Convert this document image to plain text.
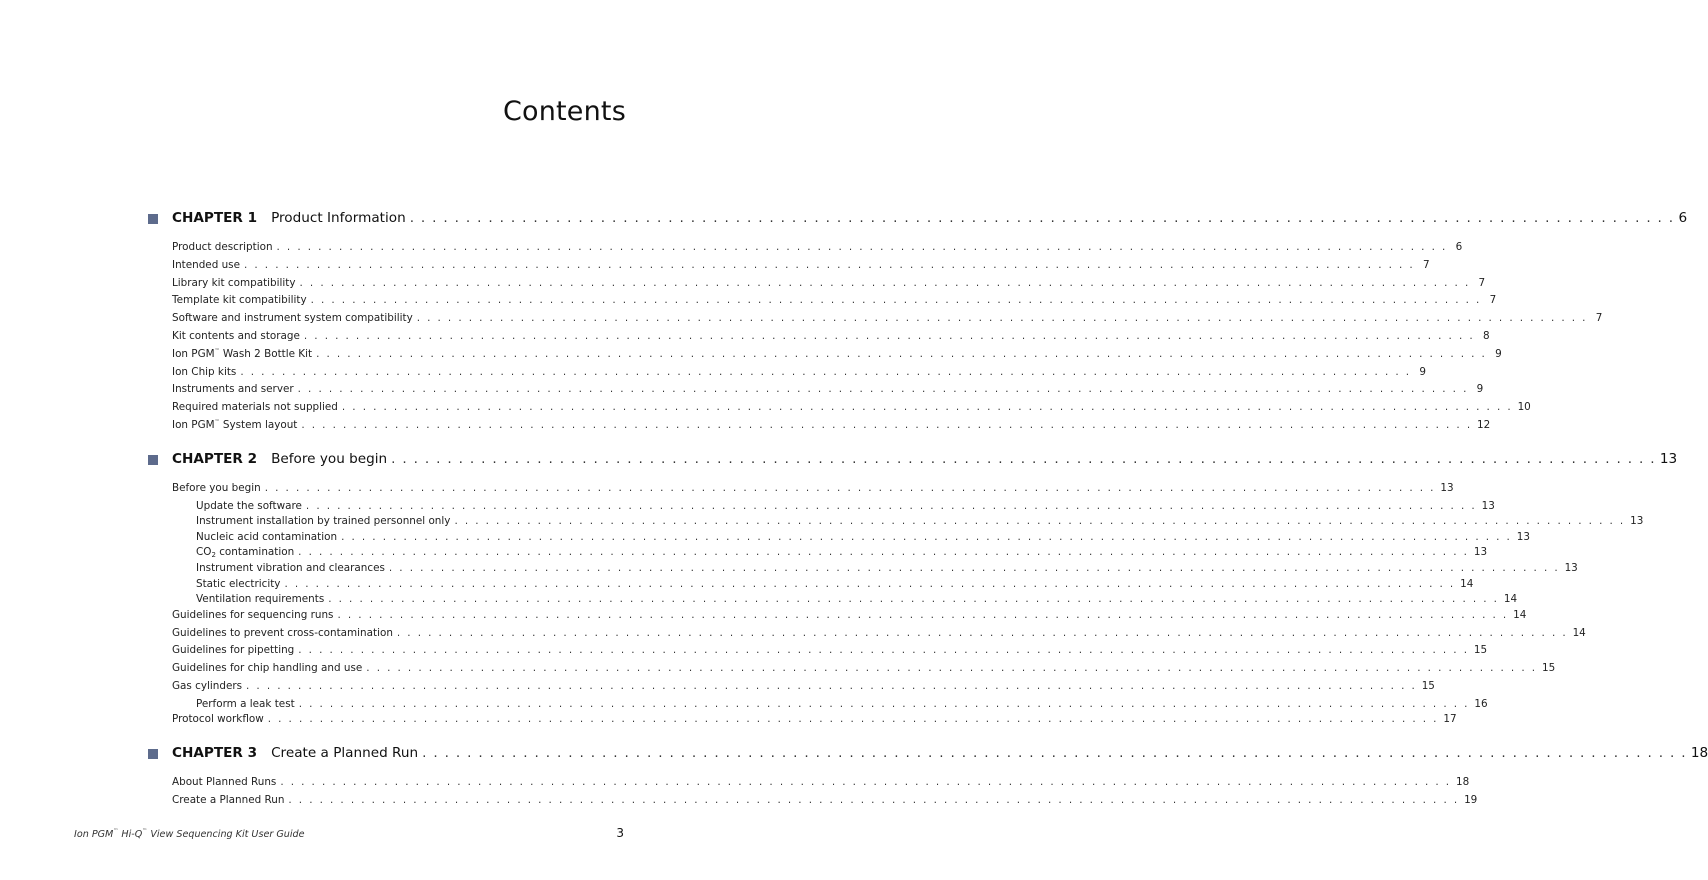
Contents
CHAPTER 1 Product Information . . . . . . . . . . . . . . . . . . . . . . . . . . . . . . . . . . . . . . . . . . . . . . . . . . . . . . . . . . . . . . . . . . . . . . . . . . . . . . . . . . . . . . . . . . . . . . . . . . . . . . . . . . . . . . . . . 6
Product description . . . . . . . . . . . . . . . . . . . . . . . . . . . . . . . . . . . . . . . . . . . . . . . . . . . . . . . . . . . . . . . . . . . . . . . . . . . . . . . . . . . . . . . . . . . . . . . . . . . . . . . . . . . . . . . . . 6
Intended use . . . . . . . . . . . . . . . . . . . . . . . . . . . . . . . . . . . . . . . . . . . . . . . . . . . . . . . . . . . . . . . . . . . . . . . . . . . . . . . . . . . . . . . . . . . . . . . . . . . . . . . . . . . . . . . . . 7
Library kit compatibility . . . . . . . . . . . . . . . . . . . . . . . . . . . . . . . . . . . . . . . . . . . . . . . . . . . . . . . . . . . . . . . . . . . . . . . . . . . . . . . . . . . . . . . . . . . . . . . . . . . . . . . . . . . . . . . . . 7
Template kit compatibility . . . . . . . . . . . . . . . . . . . . . . . . . . . . . . . . . . . . . . . . . . . . . . . . . . . . . . . . . . . . . . . . . . . . . . . . . . . . . . . . . . . . . . . . . . . . . . . . . . . . . . . . . . . . . . . . . 7
Software and instrument system compatibility . . . . . . . . . . . . . . . . . . . . . . . . . . . . . . . . . . . . . . . . . . . . . . . . . . . . . . . . . . . . . . . . . . . . . . . . . . . . . . . . . . . . . . . . . . . . . . . . . . . . . . . . . . . . . . . . . 7
Kit contents and storage . . . . . . . . . . . . . . . . . . . . . . . . . . . . . . . . . . . . . . . . . . . . . . . . . . . . . . . . . . . . . . . . . . . . . . . . . . . . . . . . . . . . . . . . . . . . . . . . . . . . . . . . . . . . . . . . . 8
Ion PGM™ Wash 2 Bottle Kit . . . . . . . . . . . . . . . . . . . . . . . . . . . . . . . . . . . . . . . . . . . . . . . . . . . . . . . . . . . . . . . . . . . . . . . . . . . . . . . . . . . . . . . . . . . . . . . . . . . . . . . . . . . . . . . . . 9
Ion Chip kits . . . . . . . . . . . . . . . . . . . . . . . . . . . . . . . . . . . . . . . . . . . . . . . . . . . . . . . . . . . . . . . . . . . . . . . . . . . . . . . . . . . . . . . . . . . . . . . . . . . . . . . . . . . . . . . . . 9
Instruments and server . . . . . . . . . . . . . . . . . . . . . . . . . . . . . . . . . . . . . . . . . . . . . . . . . . . . . . . . . . . . . . . . . . . . . . . . . . . . . . . . . . . . . . . . . . . . . . . . . . . . . . . . . . . . . . . . . 9
Required materials not supplied . . . . . . . . . . . . . . . . . . . . . . . . . . . . . . . . . . . . . . . . . . . . . . . . . . . . . . . . . . . . . . . . . . . . . . . . . . . . . . . . . . . . . . . . . . . . . . . . . . . . . . . . . . . . . . . . . 10
Ion PGM™ System layout . . . . . . . . . . . . . . . . . . . . . . . . . . . . . . . . . . . . . . . . . . . . . . . . . . . . . . . . . . . . . . . . . . . . . . . . . . . . . . . . . . . . . . . . . . . . . . . . . . . . . . . . . . . . . . . . . 12
CHAPTER 2 Before you begin . . . . . . . . . . . . . . . . . . . . . . . . . . . . . . . . . . . . . . . . . . . . . . . . . . . . . . . . . . . . . . . . . . . . . . . . . . . . . . . . . . . . . . . . . . . . . . . . . . . . . . . . . . . . . . . . . 13
Before you begin . . . . . . . . . . . . . . . . . . . . . . . . . . . . . . . . . . . . . . . . . . . . . . . . . . . . . . . . . . . . . . . . . . . . . . . . . . . . . . . . . . . . . . . . . . . . . . . . . . . . . . . . . . . . . . . . . 13
Update the software . . . . . . . . . . . . . . . . . . . . . . . . . . . . . . . . . . . . . . . . . . . . . . . . . . . . . . . . . . . . . . . . . . . . . . . . . . . . . . . . . . . . . . . . . . . . . . . . . . . . . . . . . . . . . . . . . 13
Instrument installation by trained personnel only . . . . . . . . . . . . . . . . . . . . . . . . . . . . . . . . . . . . . . . . . . . . . . . . . . . . . . . . . . . . . . . . . . . . . . . . . . . . . . . . . . . . . . . . . . . . . . . . . . . . . . . . . . . . . . . . . 13
Nucleic acid contamination . . . . . . . . . . . . . . . . . . . . . . . . . . . . . . . . . . . . . . . . . . . . . . . . . . . . . . . . . . . . . . . . . . . . . . . . . . . . . . . . . . . . . . . . . . . . . . . . . . . . . . . . . . . . . . . . . 13
$CO_2$ contamination . . . . . . . . . . . . . . . . . . . . . . . . . . . . . . . . . . . . . . . . . . . . . . . . . . . . . . . . . . . . . . . . . . . . . . . . . . . . . . . . . . . . . . . . . . . . . . . . . . . . . . . . . . . . . . . . . 13
Instrument vibration and clearances . . . . . . . . . . . . . . . . . . . . . . . . . . . . . . . . . . . . . . . . . . . . . . . . . . . . . . . . . . . . . . . . . . . . . . . . . . . . . . . . . . . . . . . . . . . . . . . . . . . . . . . . . . . . . . . . . 13
Static electricity . . . . . . . . . . . . . . . . . . . . . . . . . . . . . . . . . . . . . . . . . . . . . . . . . . . . . . . . . . . . . . . . . . . . . . . . . . . . . . . . . . . . . . . . . . . . . . . . . . . . . . . . . . . . . . . . . 14
Ventilation requirements . . . . . . . . . . . . . . . . . . . . . . . . . . . . . . . . . . . . . . . . . . . . . . . . . . . . . . . . . . . . . . . . . . . . . . . . . . . . . . . . . . . . . . . . . . . . . . . . . . . . . . . . . . . . . . . . . 14
Guidelines for sequencing runs . . . . . . . . . . . . . . . . . . . . . . . . . . . . . . . . . . . . . . . . . . . . . . . . . . . . . . . . . . . . . . . . . . . . . . . . . . . . . . . . . . . . . . . . . . . . . . . . . . . . . . . . . . . . . . . . . 14
Guidelines to prevent cross-contamination . . . . . . . . . . . . . . . . . . . . . . . . . . . . . . . . . . . . . . . . . . . . . . . . . . . . . . . . . . . . . . . . . . . . . . . . . . . . . . . . . . . . . . . . . . . . . . . . . . . . . . . . . . . . . . . . . 14
Guidelines for pipetting . . . . . . . . . . . . . . . . . . . . . . . . . . . . . . . . . . . . . . . . . . . . . . . . . . . . . . . . . . . . . . . . . . . . . . . . . . . . . . . . . . . . . . . . . . . . . . . . . . . . . . . . . . . . . . . . . 15
Guidelines for chip handling and use . . . . . . . . . . . . . . . . . . . . . . . . . . . . . . . . . . . . . . . . . . . . . . . . . . . . . . . . . . . . . . . . . . . . . . . . . . . . . . . . . . . . . . . . . . . . . . . . . . . . . . . . . . . . . . . . . 15
Gas cylinders . . . . . . . . . . . . . . . . . . . . . . . . . . . . . . . . . . . . . . . . . . . . . . . . . . . . . . . . . . . . . . . . . . . . . . . . . . . . . . . . . . . . . . . . . . . . . . . . . . . . . . . . . . . . . . . . . 15
Perform a leak test . . . . . . . . . . . . . . . . . . . . . . . . . . . . . . . . . . . . . . . . . . . . . . . . . . . . . . . . . . . . . . . . . . . . . . . . . . . . . . . . . . . . . . . . . . . . . . . . . . . . . . . . . . . . . . . . . 16
Protocol workflow . . . . . . . . . . . . . . . . . . . . . . . . . . . . . . . . . . . . . . . . . . . . . . . . . . . . . . . . . . . . . . . . . . . . . . . . . . . . . . . . . . . . . . . . . . . . . . . . . . . . . . . . . . . . . . . . . 17
CHAPTER 3 Create a Planned Run . . . . . . . . . . . . . . . . . . . . . . . . . . . . . . . . . . . . . . . . . . . . . . . . . . . . . . . . . . . . . . . . . . . . . . . . . . . . . . . . . . . . . . . . . . . . . . . . . . . . . . . . . . . . . . . . . 18
About Planned Runs . . . . . . . . . . . . . . . . . . . . . . . . . . . . . . . . . . . . . . . . . . . . . . . . . . . . . . . . . . . . . . . . . . . . . . . . . . . . . . . . . . . . . . . . . . . . . . . . . . . . . . . . . . . . . . . . . 18
Create a Planned Run . . . . . . . . . . . . . . . . . . . . . . . . . . . . . . . . . . . . . . . . . . . . . . . . . . . . . . . . . . . . . . . . . . . . . . . . . . . . . . . . . . . . . . . . . . . . . . . . . . . . . . . . . . . . . . . . . 19
Ion PGM™ Hi-Q™ View Sequencing Kit User Guide	3
